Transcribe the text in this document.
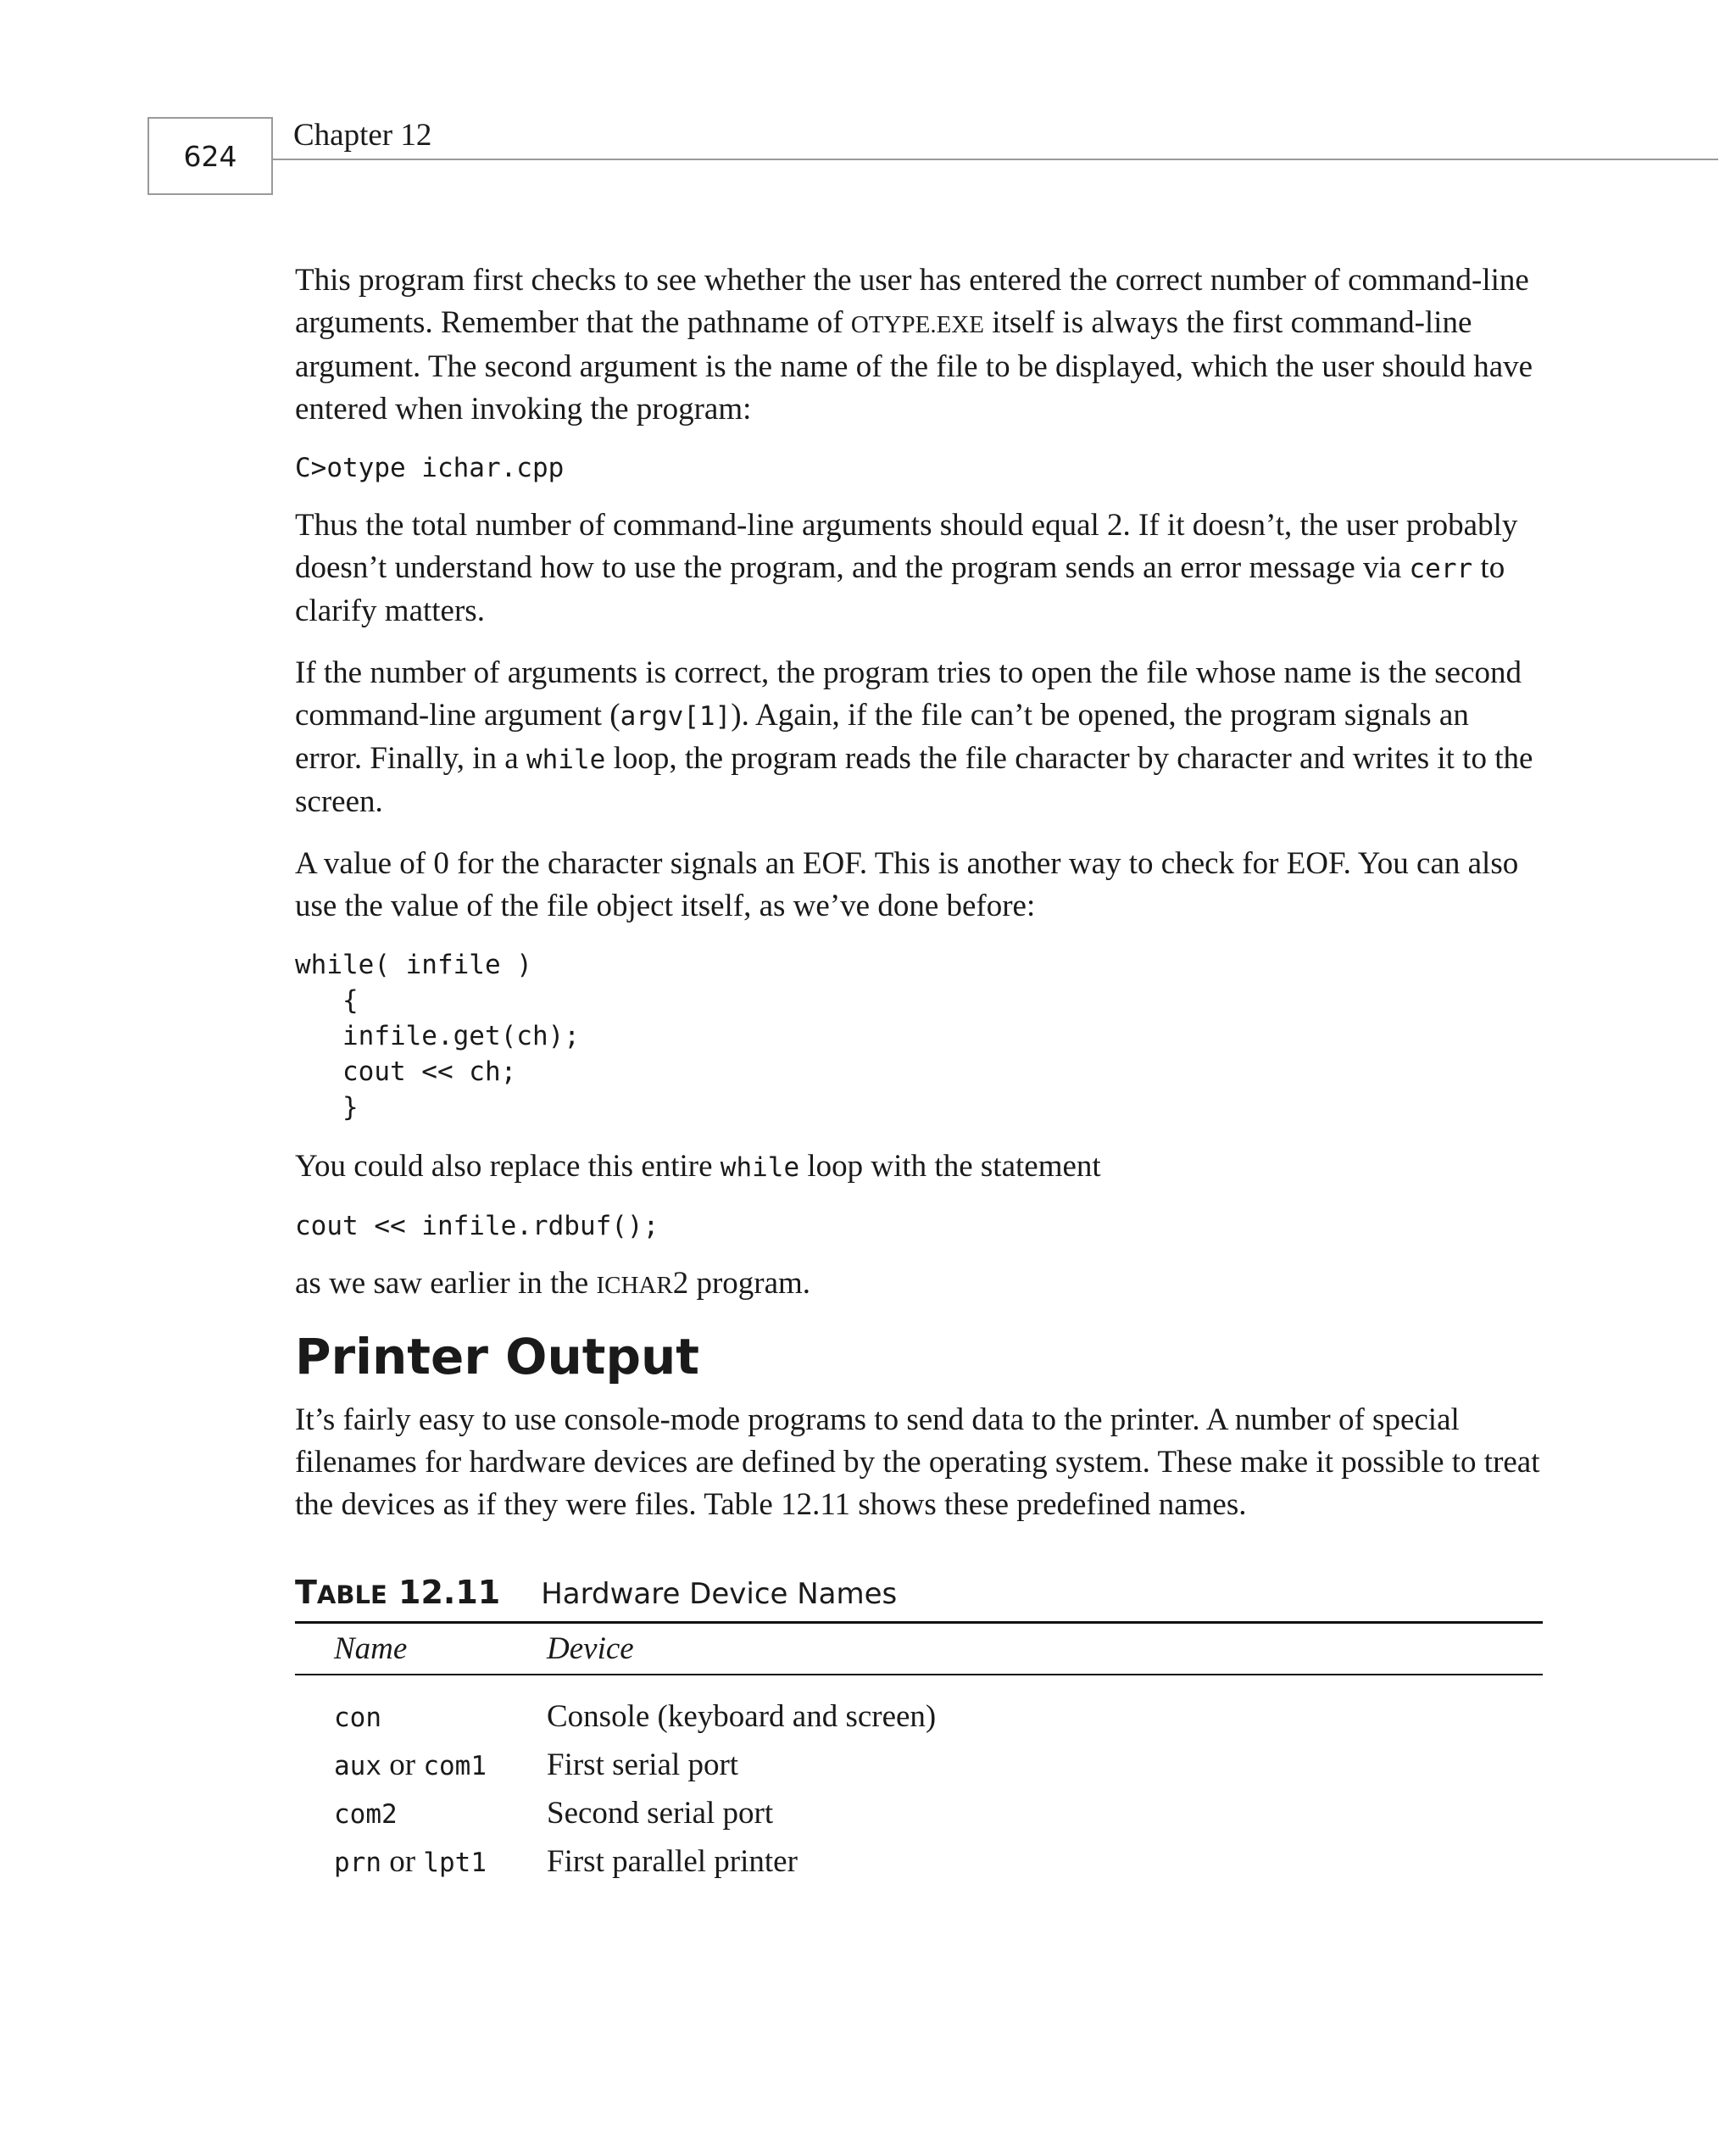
624
Chapter 12

This program first checks to see whether the user has entered the correct number of command-line arguments. Remember that the pathname of OTYPE.EXE itself is always the first command-line argument. The second argument is the name of the file to be displayed, which the user should have entered when invoking the program:

C>otype ichar.cpp

Thus the total number of command-line arguments should equal 2. If it doesn’t, the user probably doesn’t understand how to use the program, and the program sends an error message via cerr to clarify matters.

If the number of arguments is correct, the program tries to open the file whose name is the second command-line argument (argv[1]). Again, if the file can’t be opened, the program signals an error. Finally, in a while loop, the program reads the file character by character and writes it to the screen.

A value of 0 for the character signals an EOF. This is another way to check for EOF. You can also use the value of the file object itself, as we’ve done before:

while( infile )
{
infile.get(ch);
cout << ch;
}

You could also replace this entire while loop with the statement

cout << infile.rdbuf();

as we saw earlier in the ICHAR2 program.

Printer Output

It’s fairly easy to use console-mode programs to send data to the printer. A number of special filenames for hardware devices are defined by the operating system. These make it possible to treat the devices as if they were files. Table 12.11 shows these predefined names.

TABLE 12.11 Hardware Device Names
Name	Device
con	Console (keyboard and screen)
aux or com1	First serial port
com2	Second serial port
prn or lpt1	First parallel printer
